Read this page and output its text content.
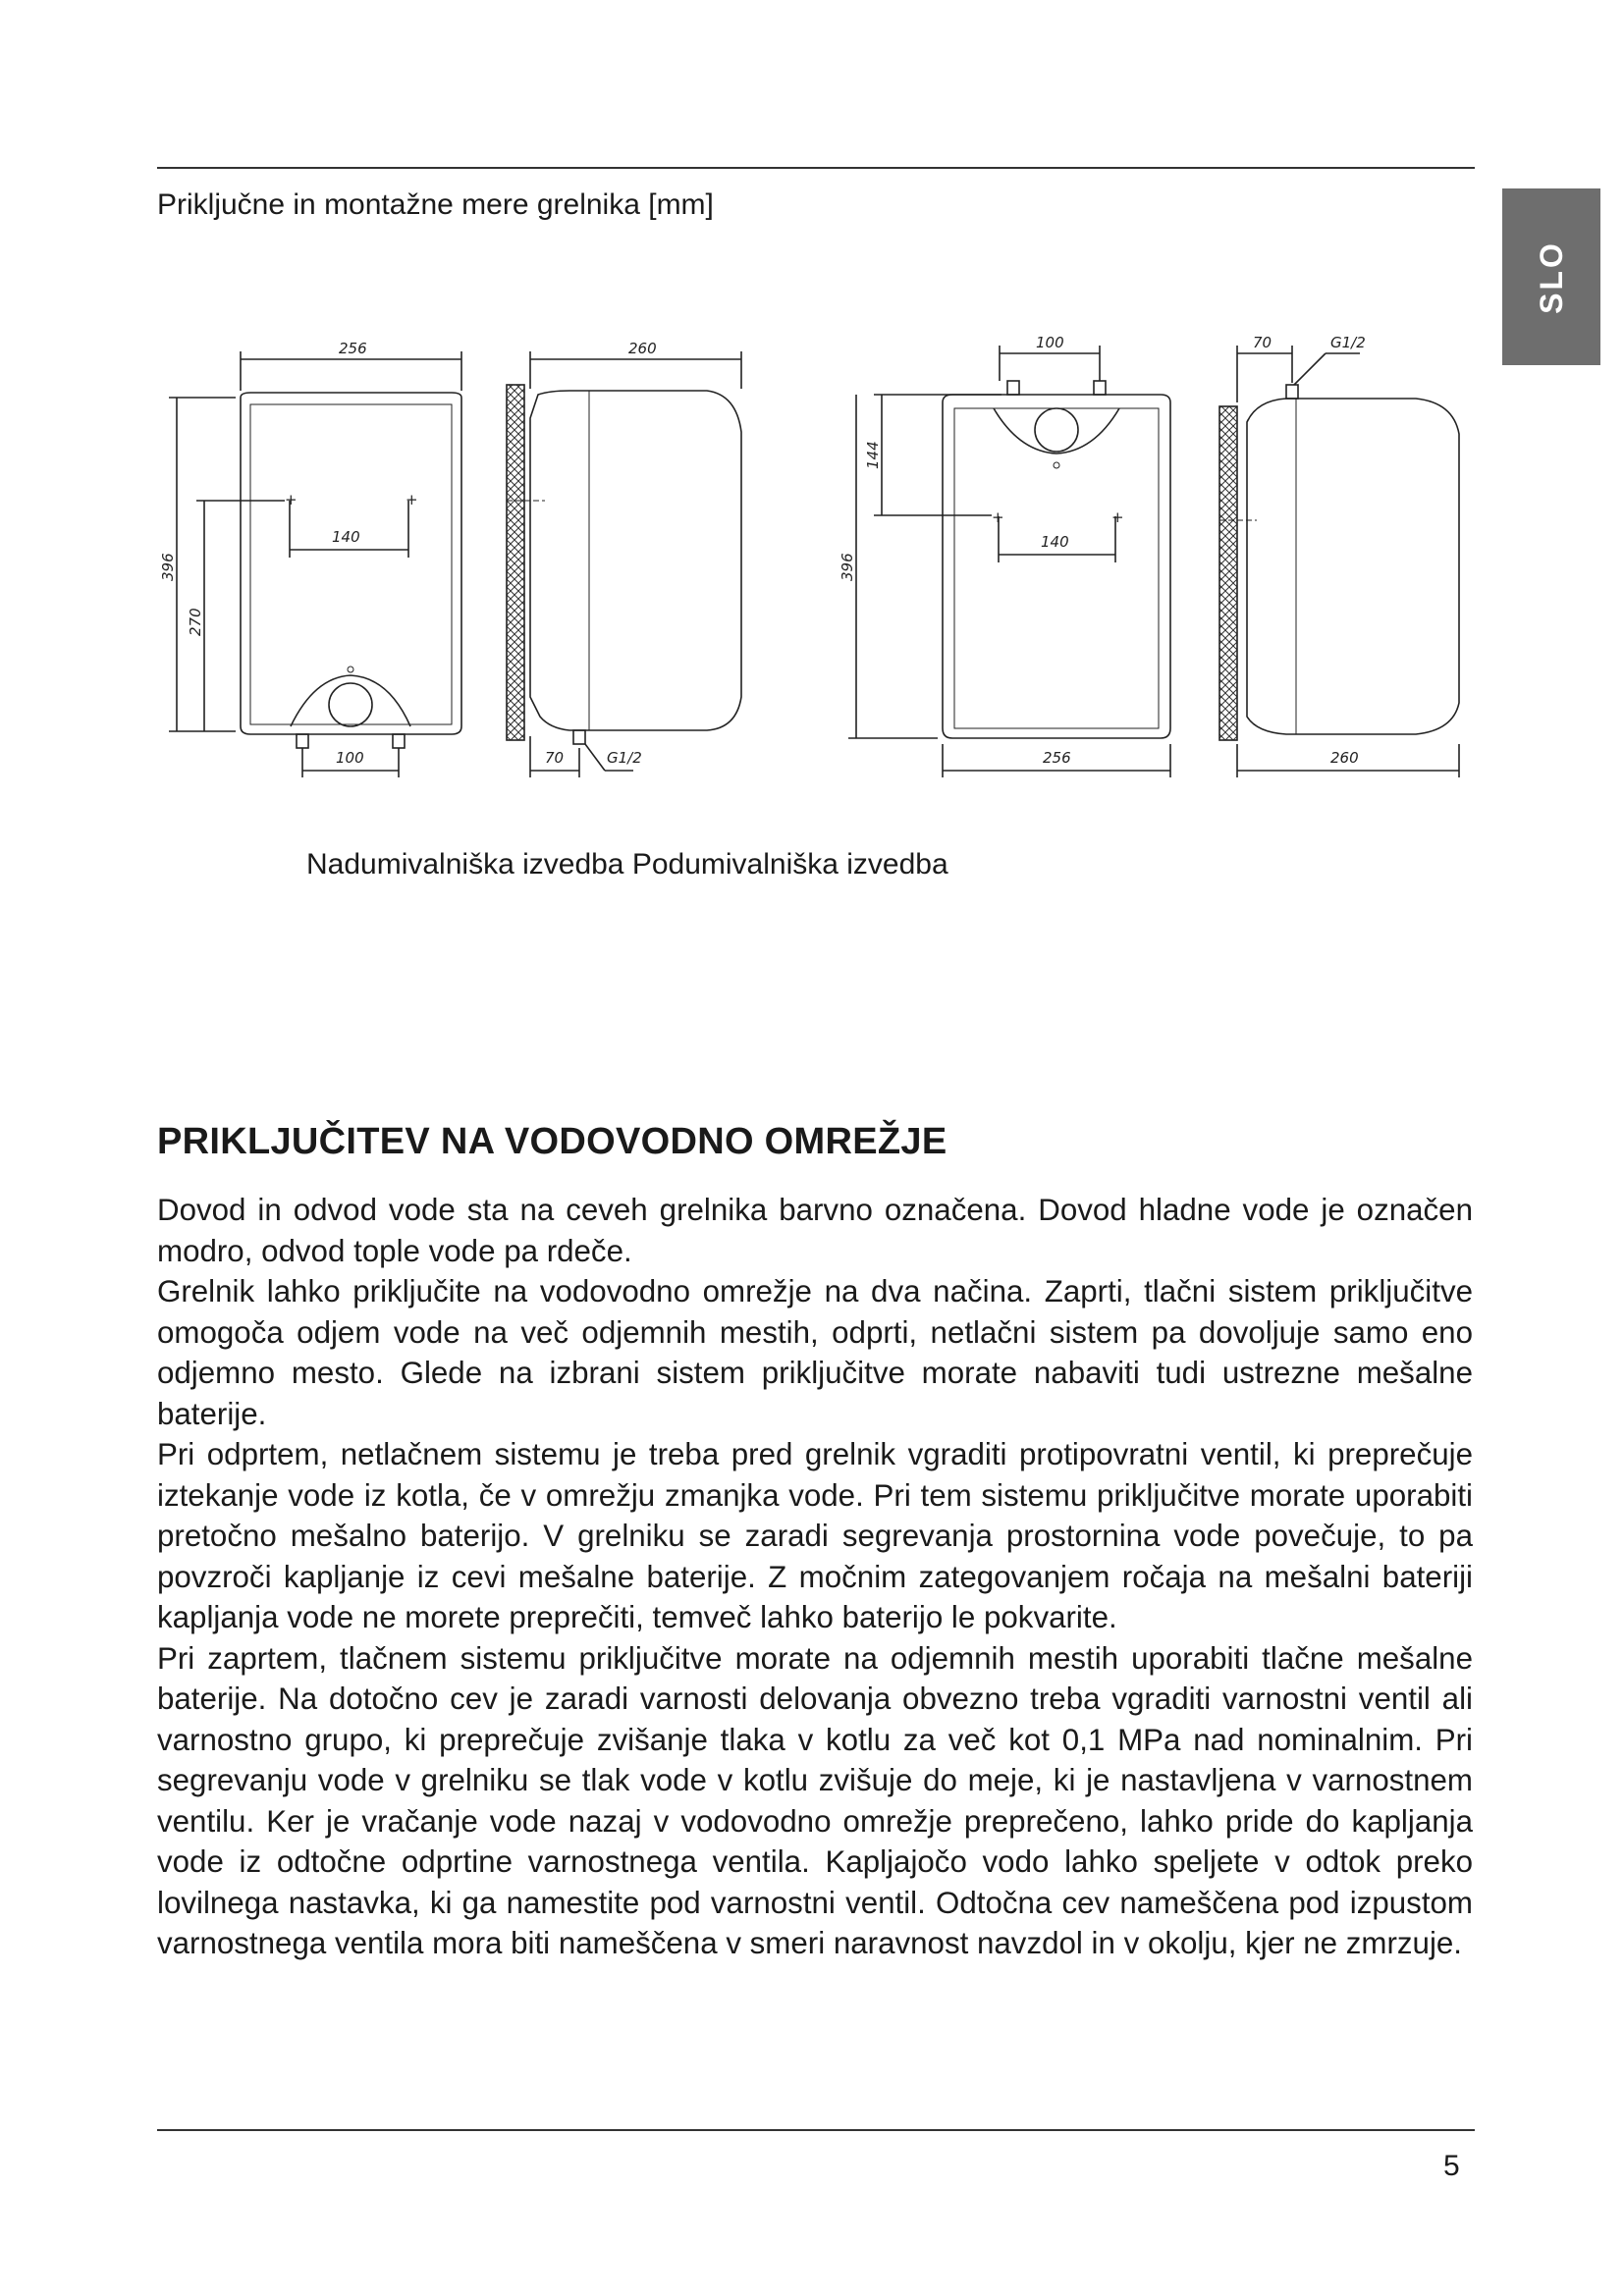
SLO
Priključne in montažne mere grelnika [mm]
+	+
256
140
396
270
100
260
70	G1/2
+	+
100
140
144
396
256
70	G1/2
260
Nadumivalniška izvedba Podumivalniška izvedba
PRIKLJUČITEV NA VODOVODNO OMREŽJE

Dovod in odvod vode sta na ceveh grelnika barvno označena. Dovod hladne vode je označen modro, odvod tople vode pa rdeče.

Grelnik lahko priključite na vodovodno omrežje na dva načina. Zaprti, tlačni sistem priključitve omogoča odjem vode na več odjemnih mestih, odprti, netlačni sistem pa dovoljuje samo eno odjemno mesto. Glede na izbrani sistem priključitve morate nabaviti tudi ustrezne mešalne baterije.

Pri odprtem, netlačnem sistemu je treba pred grelnik vgraditi protipovratni ventil, ki preprečuje iztekanje vode iz kotla, če v omrežju zmanjka vode. Pri tem sistemu priključitve morate uporabiti pretočno mešalno baterijo. V grelniku se zaradi segrevanja prostornina vode povečuje, to pa povzroči kapljanje iz cevi mešalne baterije. Z močnim zategovanjem ročaja na mešalni bateriji kapljanja vode ne morete preprečiti, temveč lahko baterijo le pokvarite.

Pri zaprtem, tlačnem sistemu priključitve morate na odjemnih mestih uporabiti tlačne mešalne baterije. Na dotočno cev je zaradi varnosti delovanja obvezno treba vgraditi varnostni ventil ali varnostno grupo, ki preprečuje zvišanje tlaka v kotlu za več kot 0,1 MPa nad nominalnim. Pri segrevanju vode v grelniku se tlak vode v kotlu zvišuje do meje, ki je nastavljena v varnostnem ventilu. Ker je vračanje vode nazaj v vodovodno omrežje preprečeno, lahko pride do kapljanja vode iz odtočne odprtine varnostnega ventila. Kapljajočo vodo lahko speljete v odtok preko lovilnega nastavka, ki ga namestite pod varnostni ventil. Odtočna cev nameščena pod izpustom varnostnega ventila mora biti nameščena v smeri naravnost navzdol in v okolju, kjer ne zmrzuje.

5
